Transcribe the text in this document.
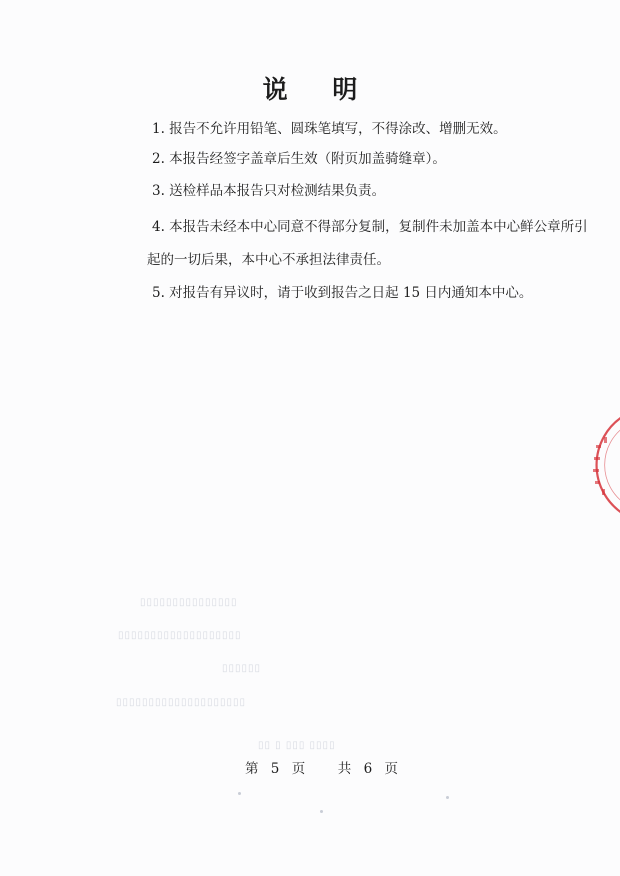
说 明
1. 报告不允许用铅笔、圆珠笔填写，不得涂改、增删无效。
2. 本报告经签字盖章后生效（附页加盖骑缝章）。
3. 送检样品本报告只对检测结果负责。
4. 本报告未经本中心同意不得部分复制，复制件未加盖本中心鲜公章所引
起的一切后果，本中心不承担法律责任。
5. 对报告有异议时，请于收到报告之日起 15 日内通知本中心。
▯▯▯▯▯▯▯▯▯▯▯▯▯▯▯
▯▯▯▯▯▯▯▯▯▯▯▯▯▯▯▯▯▯▯
▯▯▯▯▯▯
▯▯▯▯▯▯▯▯▯▯▯▯▯▯▯▯▯▯▯▯
▯▯ ▯ ▯▯▯ ▯▯▯▯
第 5 页 共 6 页
